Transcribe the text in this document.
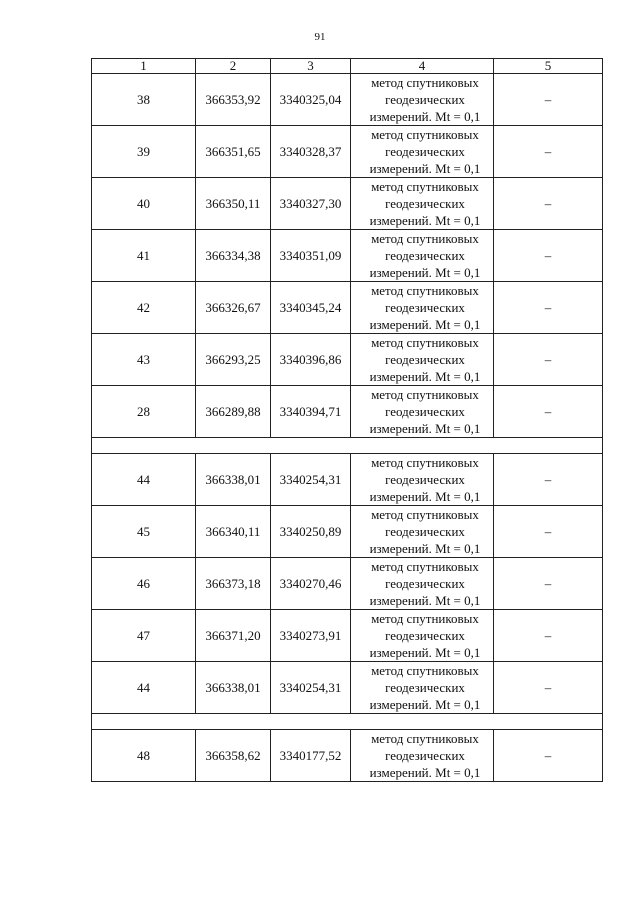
91
1	2	3	4	5
38	366353,92	3340325,04	метод спутниковых
геодезических
измерений. Mt = 0,1	–
39	366351,65	3340328,37	метод спутниковых
геодезических
измерений. Mt = 0,1	–
40	366350,11	3340327,30	метод спутниковых
геодезических
измерений. Mt = 0,1	–
41	366334,38	3340351,09	метод спутниковых
геодезических
измерений. Mt = 0,1	–
42	366326,67	3340345,24	метод спутниковых
геодезических
измерений. Mt = 0,1	–
43	366293,25	3340396,86	метод спутниковых
геодезических
измерений. Mt = 0,1	–
28	366289,88	3340394,71	метод спутниковых
геодезических
измерений. Mt = 0,1	–

44	366338,01	3340254,31	метод спутниковых
геодезических
измерений. Mt = 0,1	–
45	366340,11	3340250,89	метод спутниковых
геодезических
измерений. Mt = 0,1	–
46	366373,18	3340270,46	метод спутниковых
геодезических
измерений. Mt = 0,1	–
47	366371,20	3340273,91	метод спутниковых
геодезических
измерений. Mt = 0,1	–
44	366338,01	3340254,31	метод спутниковых
геодезических
измерений. Mt = 0,1	–

48	366358,62	3340177,52	метод спутниковых
геодезических
измерений. Mt = 0,1	–
